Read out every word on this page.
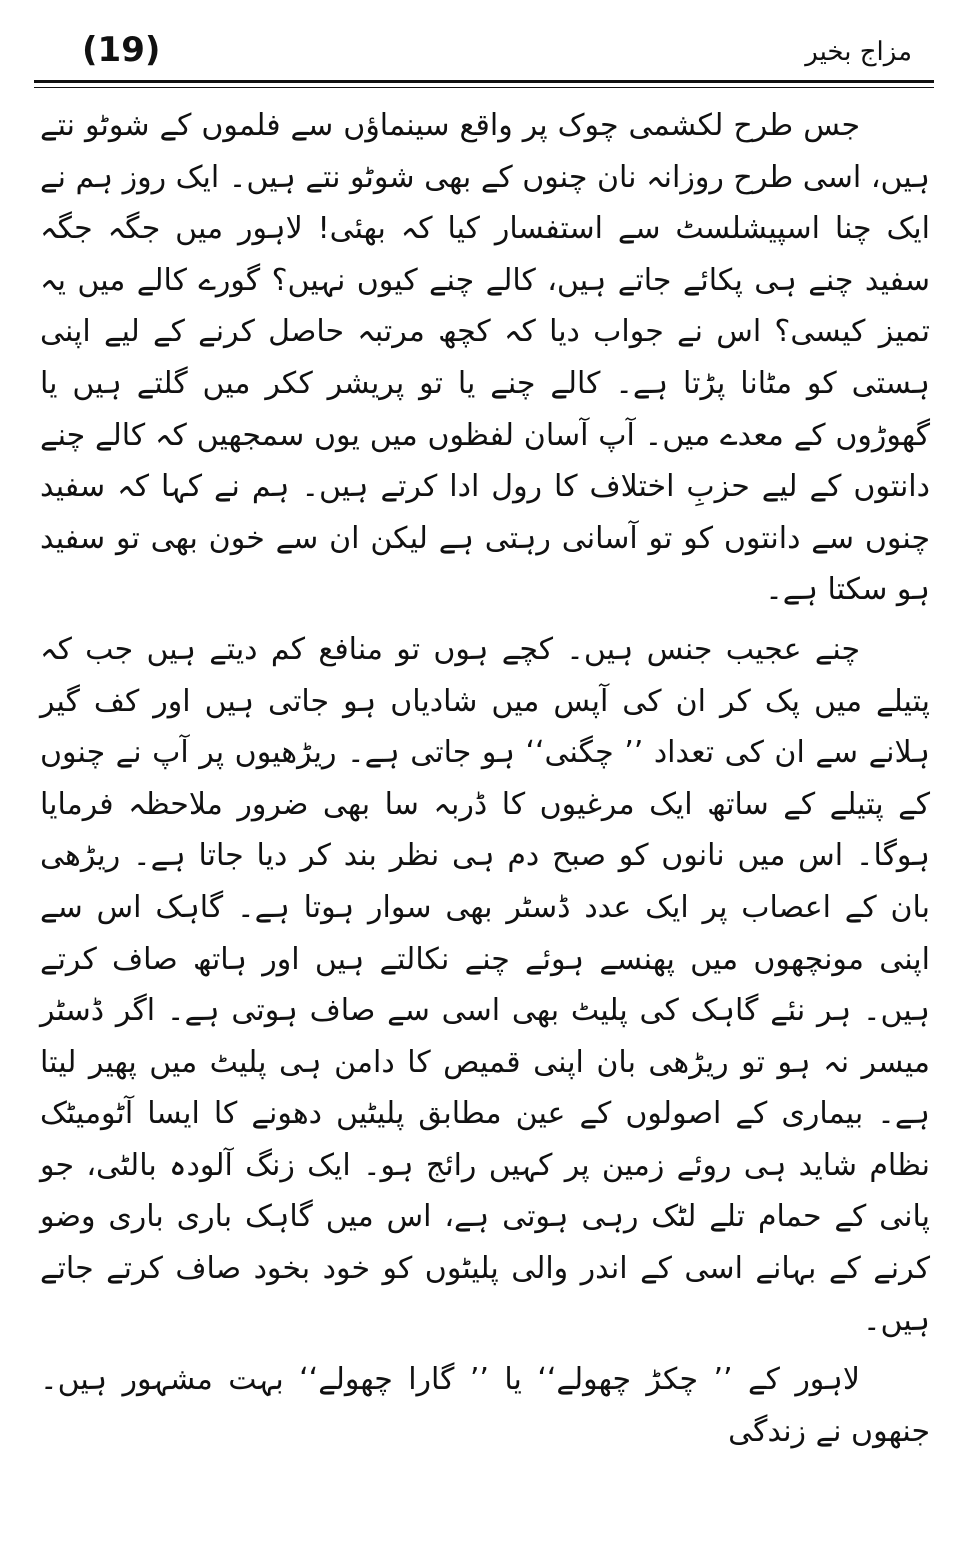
(19)	مزاج بخیر

جس طرح لکشمی چوک پر واقع سینماؤں سے فلموں کے شوٹو نتے ہیں، اسی طرح روزانہ نان چنوں کے بھی شوٹو نتے ہیں۔ ایک روز ہم نے ایک چنا اسپیشلسٹ سے استفسار کیا کہ بھئی! لاہور میں جگہ جگہ سفید چنے ہی پکائے جاتے ہیں، کالے چنے کیوں نہیں؟ گورے کالے میں یہ تمیز کیسی؟ اس نے جواب دیا کہ کچھ مرتبہ حاصل کرنے کے لیے اپنی ہستی کو مٹانا پڑتا ہے۔ کالے چنے یا تو پریشر ککر میں گلتے ہیں یا گھوڑوں کے معدے میں۔ آپ آسان لفظوں میں یوں سمجھیں کہ کالے چنے دانتوں کے لیے حزبِ اختلاف کا رول ادا کرتے ہیں۔ ہم نے کہا کہ سفید چنوں سے دانتوں کو تو آسانی رہتی ہے لیکن ان سے خون بھی تو سفید ہو سکتا ہے۔

چنے عجیب جنس ہیں۔ کچے ہوں تو منافع کم دیتے ہیں جب کہ پتیلے میں پک کر ان کی آپس میں شادیاں ہو جاتی ہیں اور کف گیر ہلانے سے ان کی تعداد ’’ چگنی‘‘ ہو جاتی ہے۔ ریڑھیوں پر آپ نے چنوں کے پتیلے کے ساتھ ایک مرغیوں کا ڈربہ سا بھی ضرور ملاحظہ فرمایا ہوگا۔ اس میں نانوں کو صبح دم ہی نظر بند کر دیا جاتا ہے۔ ریڑھی بان کے اعصاب پر ایک عدد ڈسٹر بھی سوار ہوتا ہے۔ گاہک اس سے اپنی مونچھوں میں پھنسے ہوئے چنے نکالتے ہیں اور ہاتھ صاف کرتے ہیں۔ ہر نئے گاہک کی پلیٹ بھی اسی سے صاف ہوتی ہے۔ اگر ڈسٹر میسر نہ ہو تو ریڑھی بان اپنی قمیص کا دامن ہی پلیٹ میں پھیر لیتا ہے۔ بیماری کے اصولوں کے عین مطابق پلیٹیں دھونے کا ایسا آٹومیٹک نظام شاید ہی روئے زمین پر کہیں رائج ہو۔ ایک زنگ آلودہ بالٹی، جو پانی کے حمام تلے لٹک رہی ہوتی ہے، اس میں گاہک باری باری وضو کرنے کے بہانے اسی کے اندر والی پلیٹوں کو خود بخود صاف کرتے جاتے ہیں۔

لاہور کے ’’ چکڑ چھولے‘‘ یا ’’ گارا چھولے‘‘ بہت مشہور ہیں۔ جنھوں نے زندگی
